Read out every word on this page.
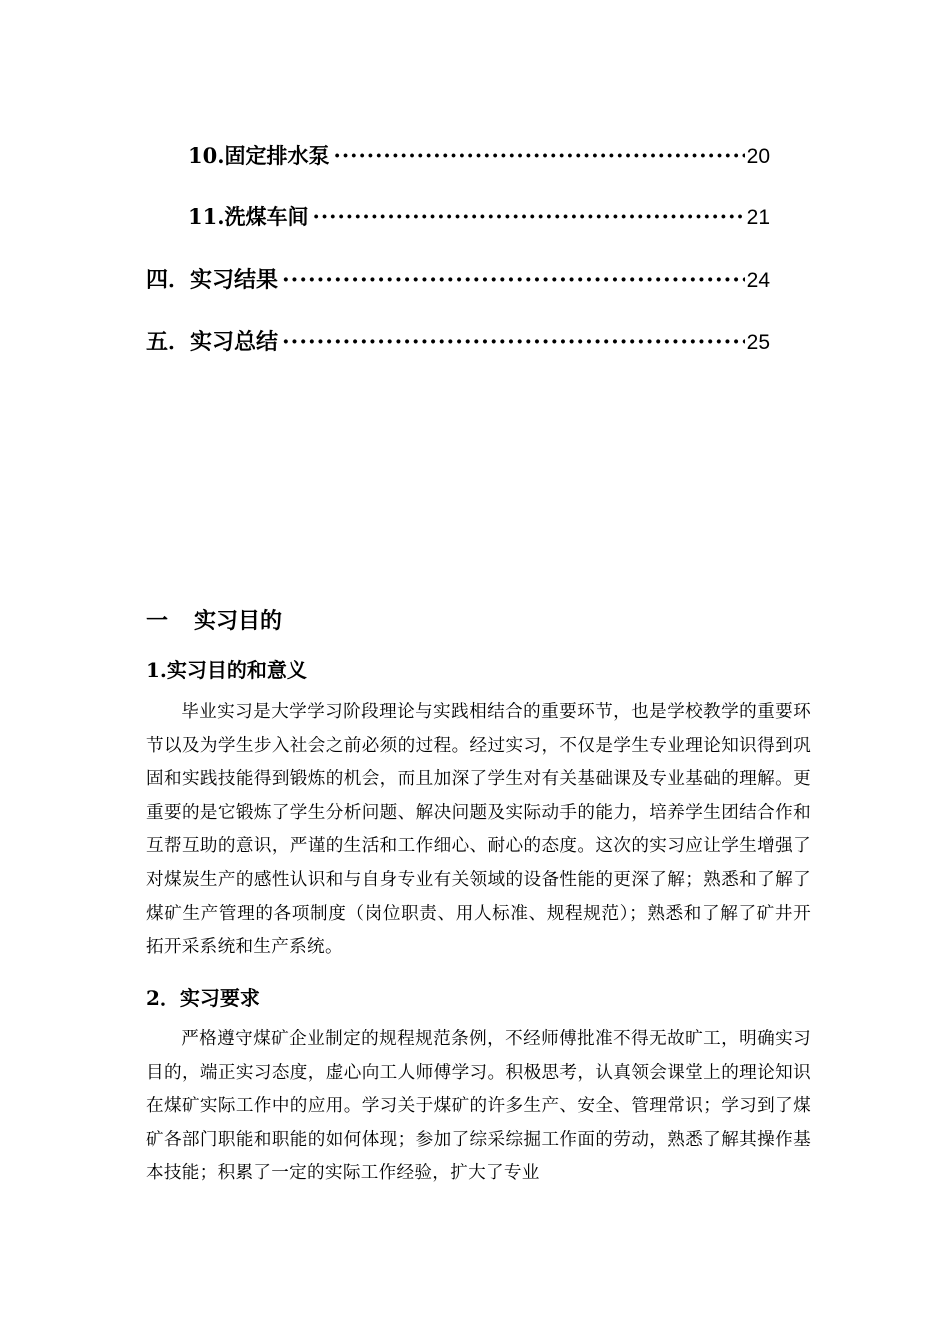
10.固定排水泵 ·····	20
11.洗煤车间 ·····	21
四．实习结果 ·····	24
五．实习总结 ·····	25
一 实习目的
1.实习目的和意义

毕业实习是大学学习阶段理论与实践相结合的重要环节，也是学校教学的重要环节以及为学生步入社会之前必须的过程。经过实习，不仅是学生专业理论知识得到巩固和实践技能得到锻炼的机会，而且加深了学生对有关基础课及专业基础的理解。更重要的是它锻炼了学生分析问题、解决问题及实际动手的能力，培养学生团结合作和互帮互助的意识，严谨的生活和工作细心、耐心的态度。这次的实习应让学生增强了对煤炭生产的感性认识和与自身专业有关领域的设备性能的更深了解；熟悉和了解了煤矿生产管理的各项制度（岗位职责、用人标准、规程规范）；熟悉和了解了矿井开拓开采系统和生产系统。

2．实习要求

严格遵守煤矿企业制定的规程规范条例，不经师傅批准不得无故旷工，明确实习目的，端正实习态度，虚心向工人师傅学习。积极思考，认真领会课堂上的理论知识在煤矿实际工作中的应用。学习关于煤矿的许多生产、安全、管理常识；学习到了煤矿各部门职能和职能的如何体现；参加了综采综掘工作面的劳动，熟悉了解其操作基本技能；积累了一定的实际工作经验，扩大了专业
